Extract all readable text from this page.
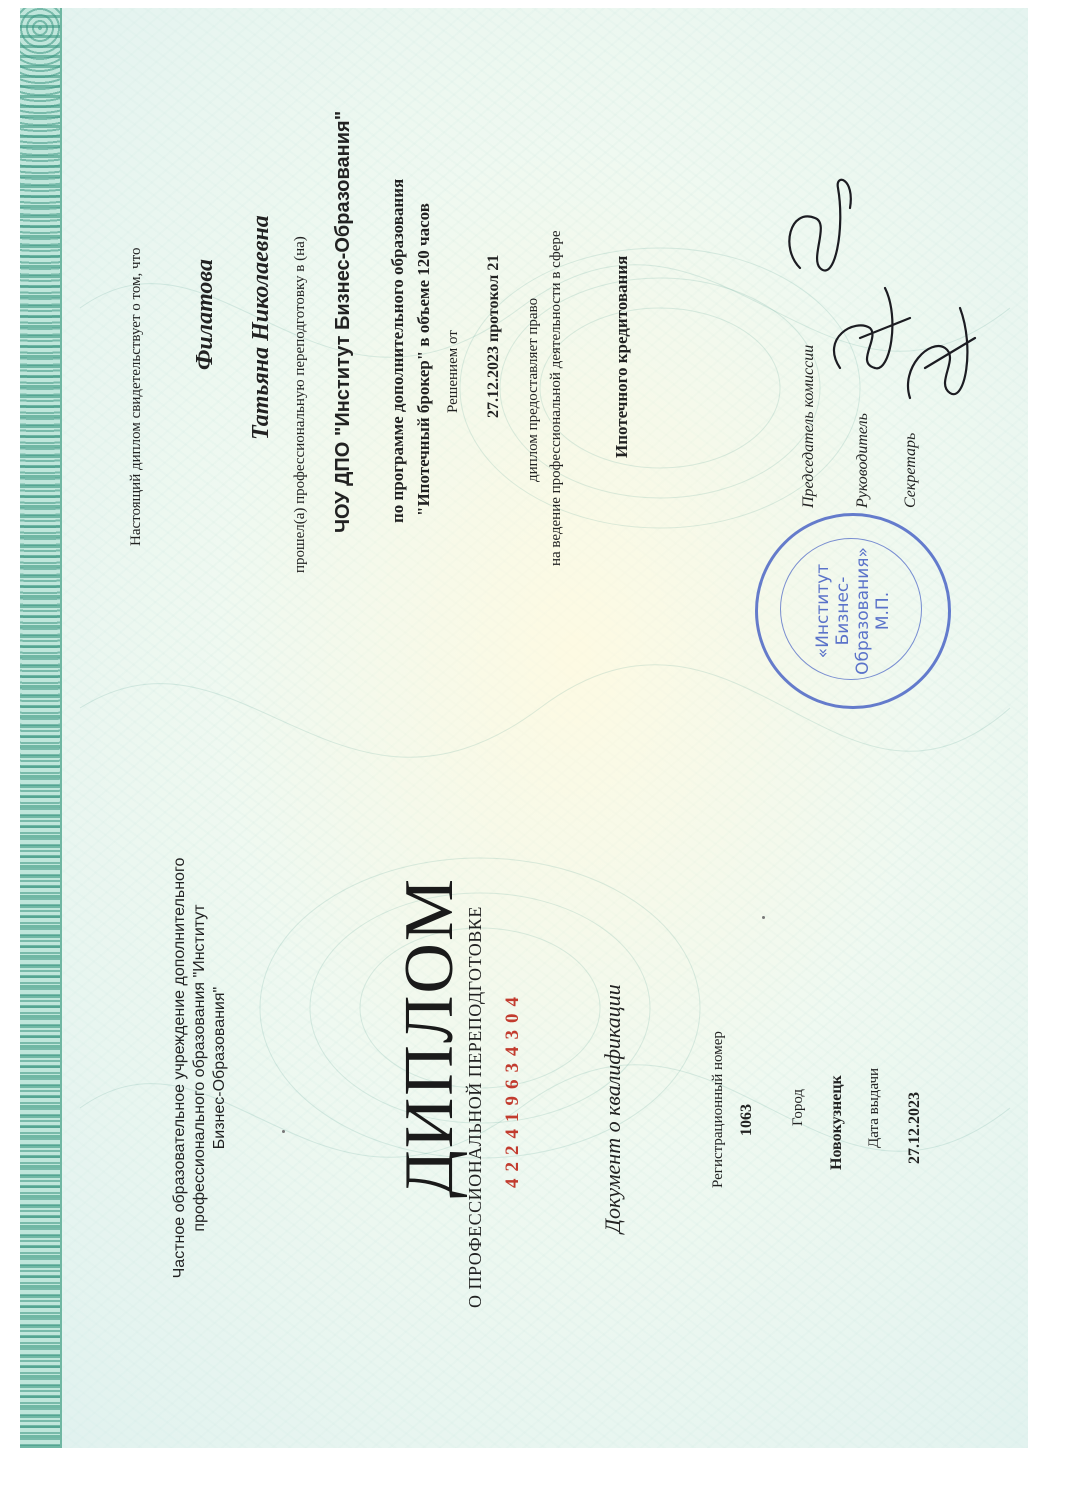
Частное образовательное учреждение дополнительного профессионального образования "Институт Бизнес-Образования" ДИПЛОМ
О ПРОФЕССИОНАЛЬНОЙ ПЕРЕПОДГОТОВКЕ 422419634304	Документ о квалификации	Регистрационный номер 1063 Город Новокузнецк Дата выдачи 27.12.2023
Настоящий диплом свидетельствует о том, что Филатова Татьяна Николаевна прошел(а) профессиональную переподготовку в (на) ЧОУ ДПО "Институт Бизнес-Образования" по программе дополнительного образования "Ипотечный брокер" в объеме 120 часов Решением от 27.12.2023 протокол 21 диплом предоставляет право на ведение профессиональной деятельности в сфере	Ипотечного кредитования	Председатель комиссии Руководитель Секретарь
«Институт
Бизнес-
Образования»
М.П.
